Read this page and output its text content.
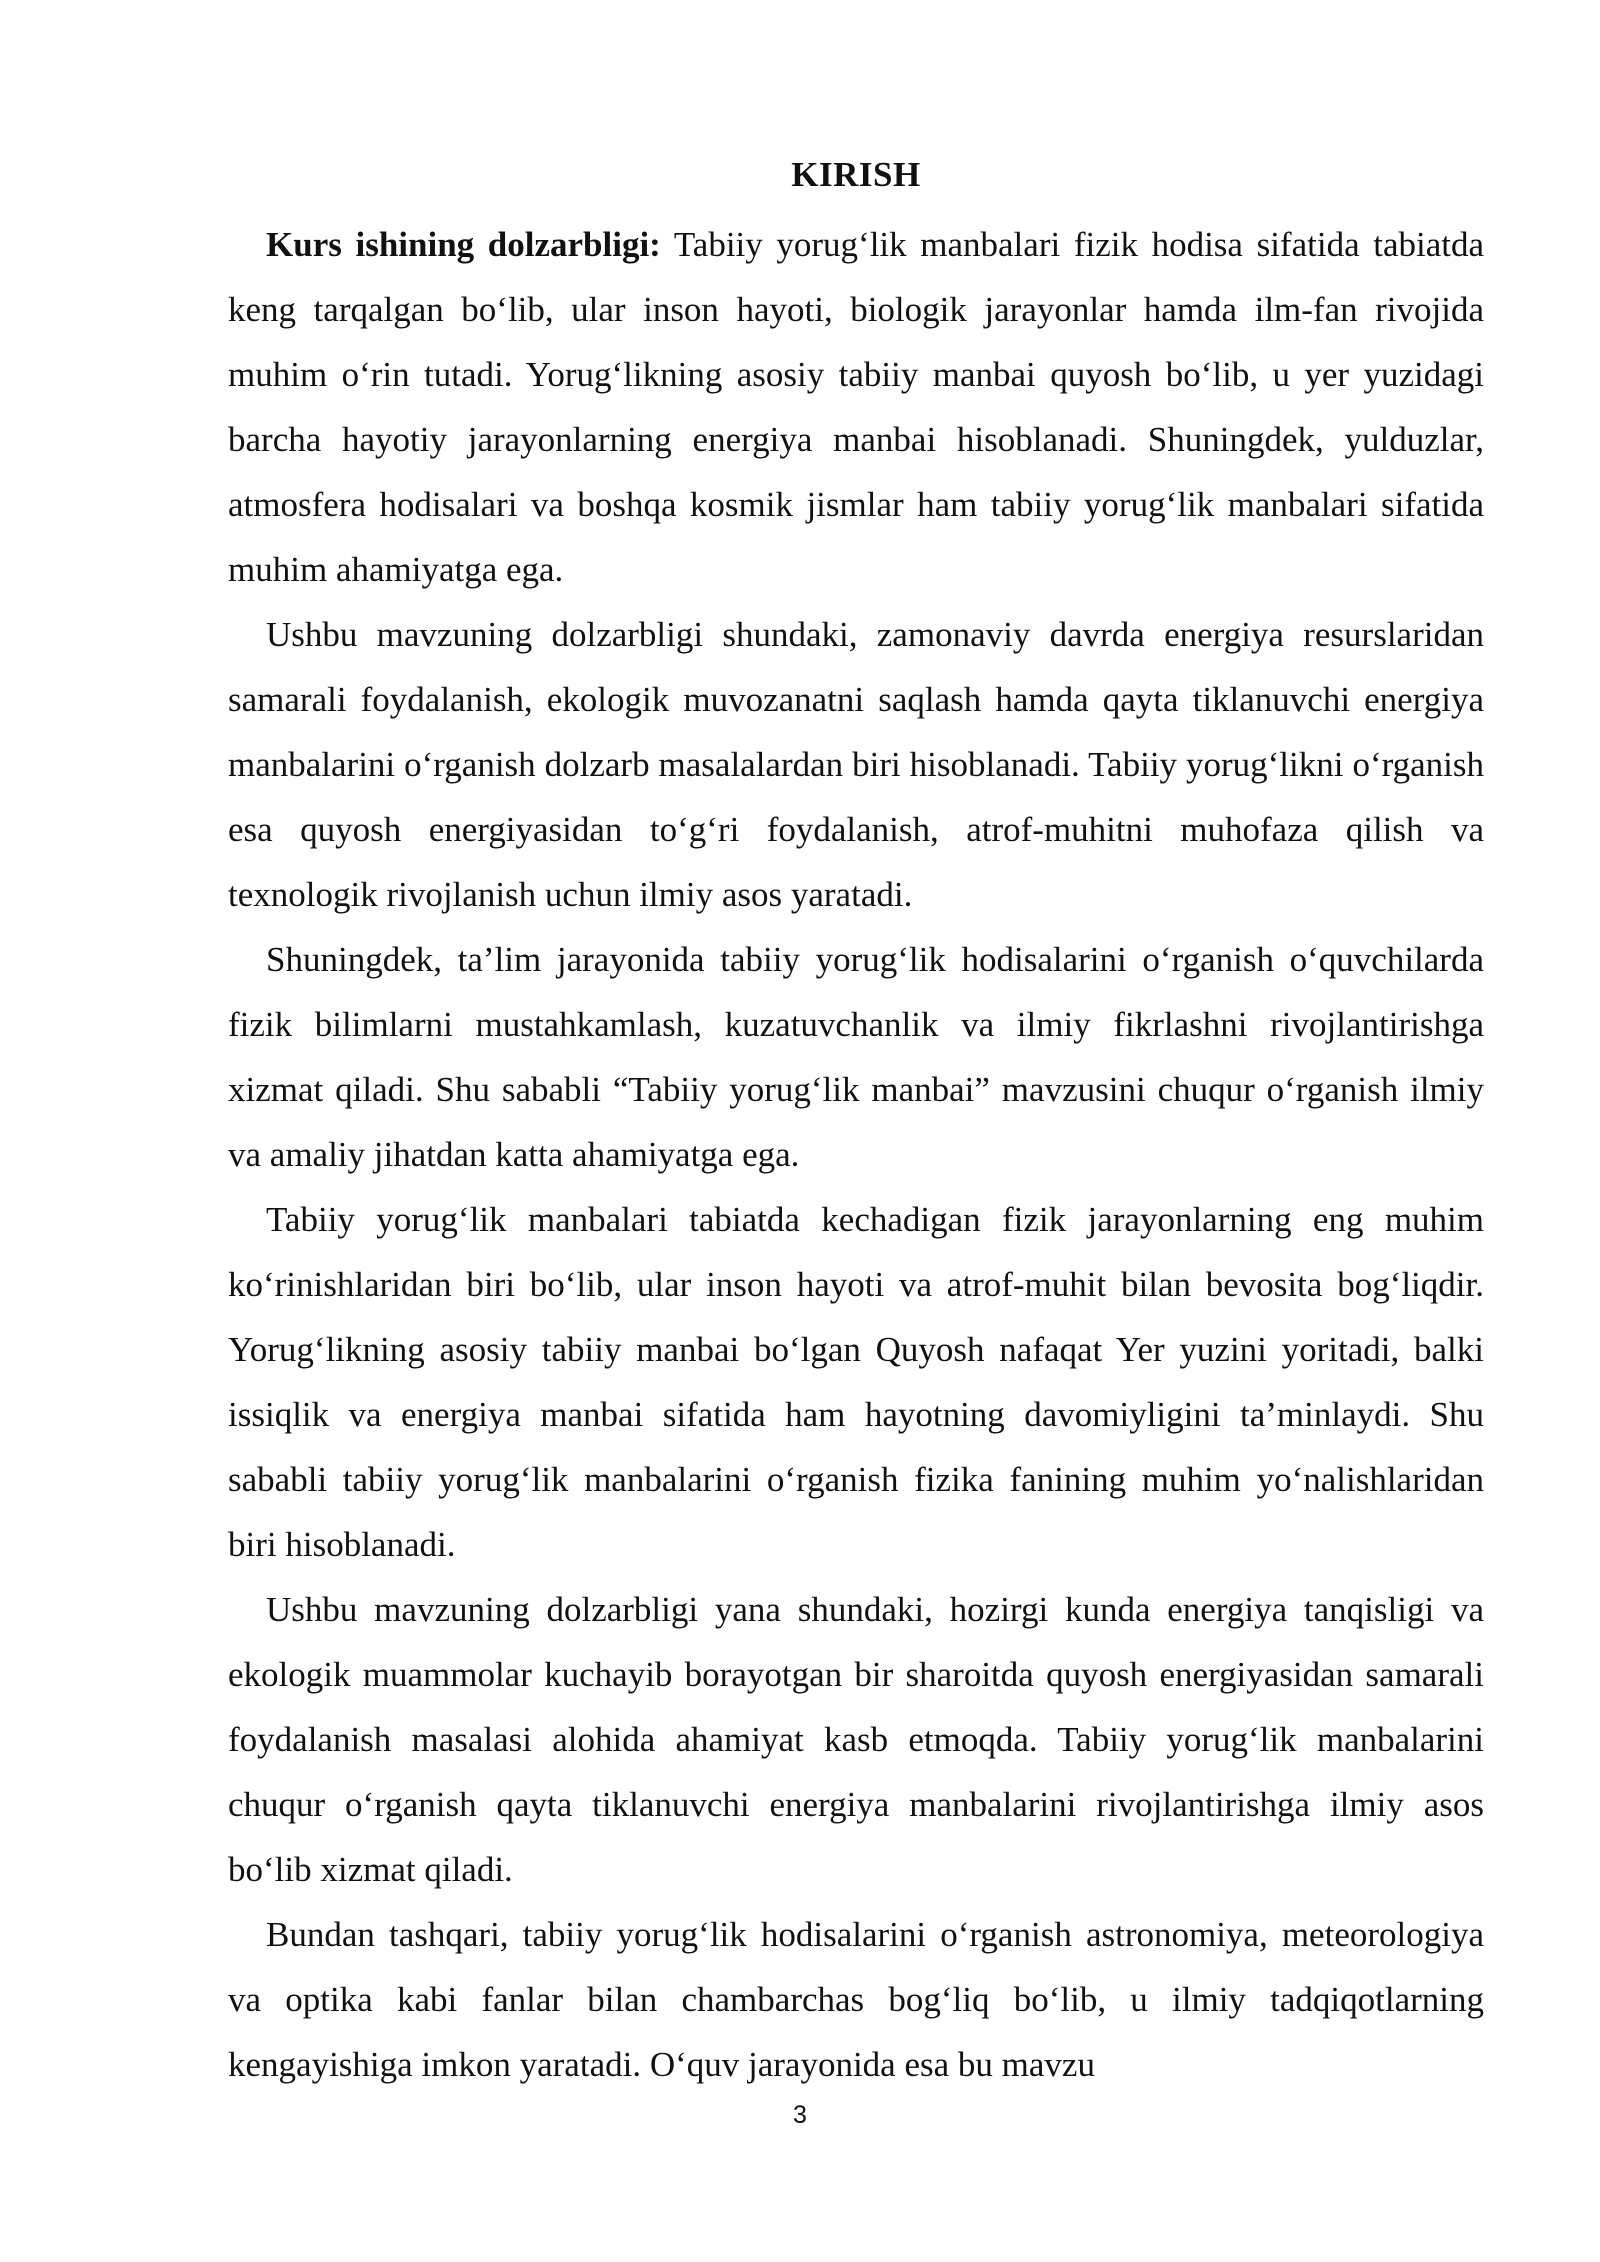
KIRISH

Kurs ishining dolzarbligi: Tabiiy yorug‘lik manbalari fizik hodisa sifatida tabiatda keng tarqalgan bo‘lib, ular inson hayoti, biologik jarayonlar hamda ilm-fan rivojida muhim o‘rin tutadi. Yorug‘likning asosiy tabiiy manbai quyosh bo‘lib, u yer yuzidagi barcha hayotiy jarayonlarning energiya manbai hisoblanadi. Shuningdek, yulduzlar, atmosfera hodisalari va boshqa kosmik jismlar ham tabiiy yorug‘lik manbalari sifatida muhim ahamiyatga ega.

Ushbu mavzuning dolzarbligi shundaki, zamonaviy davrda energiya resurslaridan samarali foydalanish, ekologik muvozanatni saqlash hamda qayta tiklanuvchi energiya manbalarini o‘rganish dolzarb masalalardan biri hisoblanadi. Tabiiy yorug‘likni o‘rganish esa quyosh energiyasidan to‘g‘ri foydalanish, atrof-muhitni muhofaza qilish va texnologik rivojlanish uchun ilmiy asos yaratadi.

Shuningdek, ta’lim jarayonida tabiiy yorug‘lik hodisalarini o‘rganish o‘quvchilarda fizik bilimlarni mustahkamlash, kuzatuvchanlik va ilmiy fikrlashni rivojlantirishga xizmat qiladi. Shu sababli “Tabiiy yorug‘lik manbai” mavzusini chuqur o‘rganish ilmiy va amaliy jihatdan katta ahamiyatga ega.

Tabiiy yorug‘lik manbalari tabiatda kechadigan fizik jarayonlarning eng muhim ko‘rinishlaridan biri bo‘lib, ular inson hayoti va atrof-muhit bilan bevosita bog‘liqdir. Yorug‘likning asosiy tabiiy manbai bo‘lgan Quyosh nafaqat Yer yuzini yoritadi, balki issiqlik va energiya manbai sifatida ham hayotning davomiyligini ta’minlaydi. Shu sababli tabiiy yorug‘lik manbalarini o‘rganish fizika fanining muhim yo‘nalishlaridan biri hisoblanadi.

Ushbu mavzuning dolzarbligi yana shundaki, hozirgi kunda energiya tanqisligi va ekologik muammolar kuchayib borayotgan bir sharoitda quyosh energiyasidan samarali foydalanish masalasi alohida ahamiyat kasb etmoqda. Tabiiy yorug‘lik manbalarini chuqur o‘rganish qayta tiklanuvchi energiya manbalarini rivojlantirishga ilmiy asos bo‘lib xizmat qiladi.

Bundan tashqari, tabiiy yorug‘lik hodisalarini o‘rganish astronomiya, meteorologiya va optika kabi fanlar bilan chambarchas bog‘liq bo‘lib, u ilmiy tadqiqotlarning kengayishiga imkon yaratadi. O‘quv jarayonida esa bu mavzu

3
